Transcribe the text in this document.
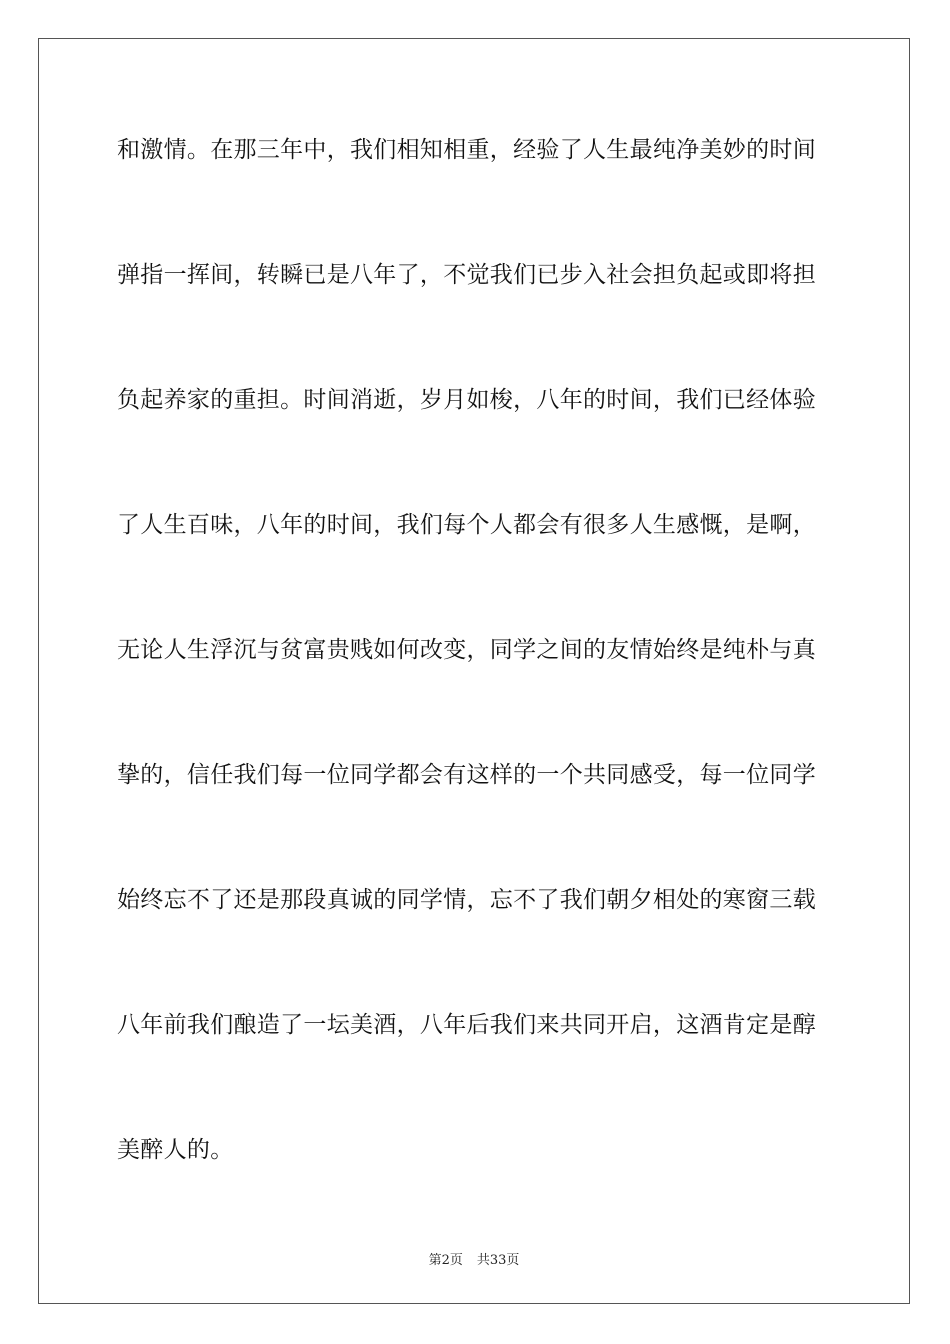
和激情。在那三年中，我们相知相重，经验了人生最纯净美妙的时间
弹指一挥间，转瞬已是八年了，不觉我们已步入社会担负起或即将担
负起养家的重担。时间消逝，岁月如梭，八年的时间，我们已经体验
了人生百味，八年的时间，我们每个人都会有很多人生感慨，是啊，
无论人生浮沉与贫富贵贱如何改变，同学之间的友情始终是纯朴与真
挚的，信任我们每一位同学都会有这样的一个共同感受，每一位同学
始终忘不了还是那段真诚的同学情，忘不了我们朝夕相处的寒窗三载
八年前我们酿造了一坛美酒，八年后我们来共同开启，这酒肯定是醇
美醉人的。
第2页 共33页
